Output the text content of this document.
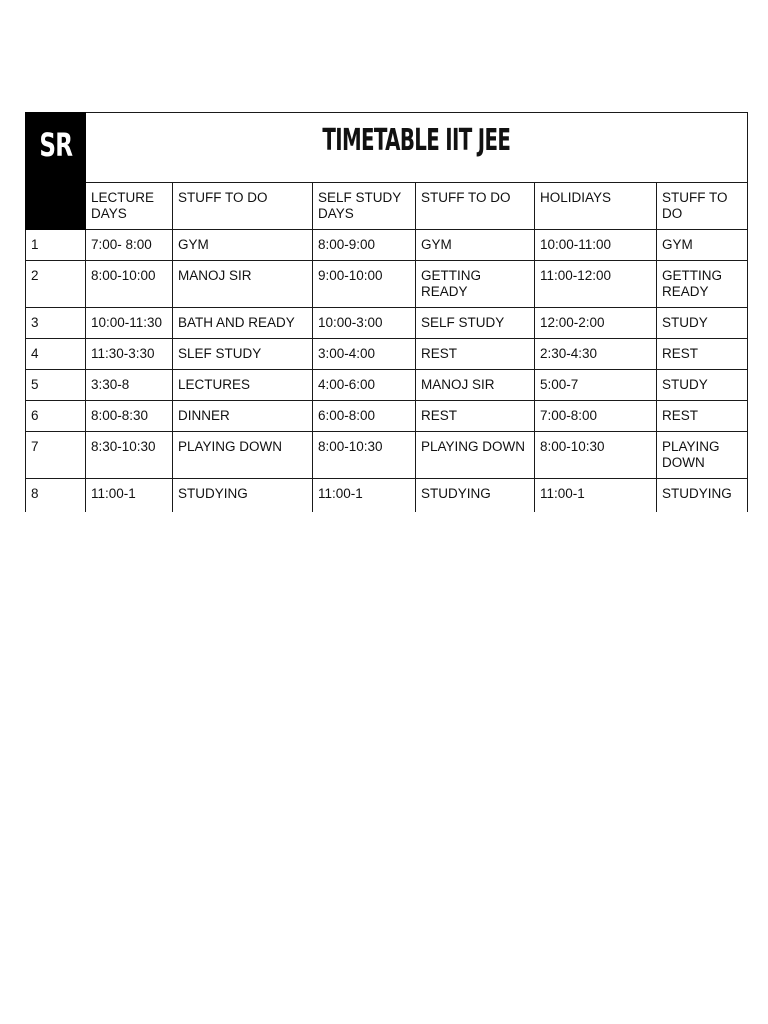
SR	TIMETABLE IIT JEE					
	LECTURE DAYS	STUFF TO DO	SELF STUDY DAYS	STUFF TO DO	HOLIDIAYS	STUFF TO DO
1	7:00- 8:00	GYM	8:00-9:00	GYM	10:00-11:00	GYM
2	8:00-10:00	MANOJ SIR	9:00-10:00	GETTING READY	11:00-12:00	GETTING READY
3	10:00-11:30	BATH AND READY	10:00-3:00	SELF STUDY	12:00-2:00	STUDY
4	11:30-3:30	SLEF STUDY	3:00-4:00	REST	2:30-4:30	REST
5	3:30-8	LECTURES	4:00-6:00	MANOJ SIR	5:00-7	STUDY
6	8:00-8:30	DINNER	6:00-8:00	REST	7:00-8:00	REST
7	8:30-10:30	PLAYING DOWN	8:00-10:30	PLAYING DOWN	8:00-10:30	PLAYING DOWN
8	11:00-1	STUDYING	11:00-1	STUDYING	11:00-1	STUDYING
